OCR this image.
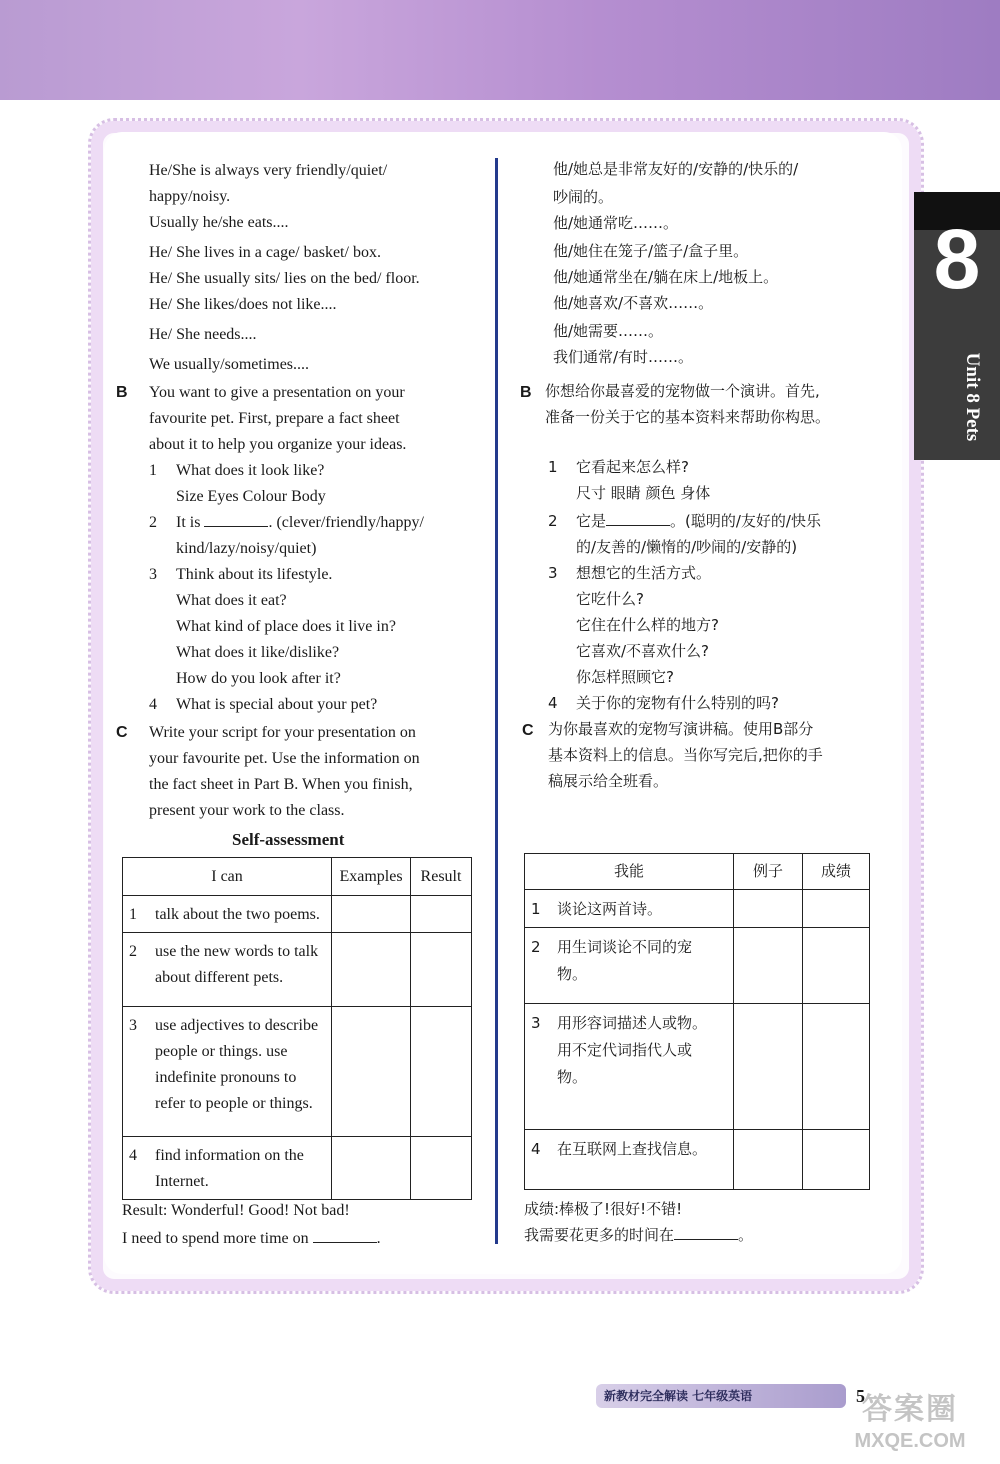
8
Unit 8 Pets
He/She is always very friendly/quiet/
happy/noisy.
Usually he/she eats....
He/ She lives in a cage/ basket/ box.
He/ She usually sits/ lies on the bed/ floor.
He/ She likes/does not like....
He/ She needs....
We usually/sometimes....
B You want to give a presentation on your
favourite pet. First, prepare a fact sheet
about it to help you organize your ideas.
1 What does it look like?
Size Eyes Colour Body
2 It is	. (clever/friendly/happy/
kind/lazy/noisy/quiet)
3 Think about its lifestyle.
What does it eat?
What kind of place does it live in?
What does it like/dislike?
How do you look after it?
4 What is special about your pet?
C Write your script for your presentation on
your favourite pet. Use the information on
the fact sheet in Part B. When you finish,
present your work to the class.
Self-assessment
I can	Examples	Result

1 talk about the two poems.		

2 use the new words to talk about different pets.		

3 use adjectives to describe people or things. use indefinite pronouns to refer to people or things.		

4 find information on the Internet.		

Result: Wonderful! Good! Not bad!
I need to spend more time on	.
他/她总是非常友好的/安静的/快乐的/
吵闹的。
他/她通常吃……。
他/她住在笼子/篮子/盒子里。
他/她通常坐在/躺在床上/地板上。
他/她喜欢/不喜欢……。
他/她需要……。
我们通常/有时……。
B 你想给你最喜爱的宠物做一个演讲。首先,
准备一份关于它的基本资料来帮助你构思。
1 它看起来怎么样?
尺寸 眼睛 颜色 身体
2 它是	。(聪明的/友好的/快乐
的/友善的/懒惰的/吵闹的/安静的)
3 想想它的生活方式。
它吃什么?
它住在什么样的地方?
它喜欢/不喜欢什么?
你怎样照顾它?
4 关于你的宠物有什么特别的吗?
C 为你最喜欢的宠物写演讲稿。使用B部分
基本资料上的信息。当你写完后,把你的手
稿展示给全班看。
我能	例子	成绩

1 谈论这两首诗。		

2 用生词谈论不同的宠物。		

3 用形容词描述人或物。用不定代词指代人或物。		

4 在互联网上查找信息。		

成绩:棒极了!很好!不错!
我需要花更多的时间在	。
新教材完全解读 七年级英语	5
答案圈
MXQE.COM
